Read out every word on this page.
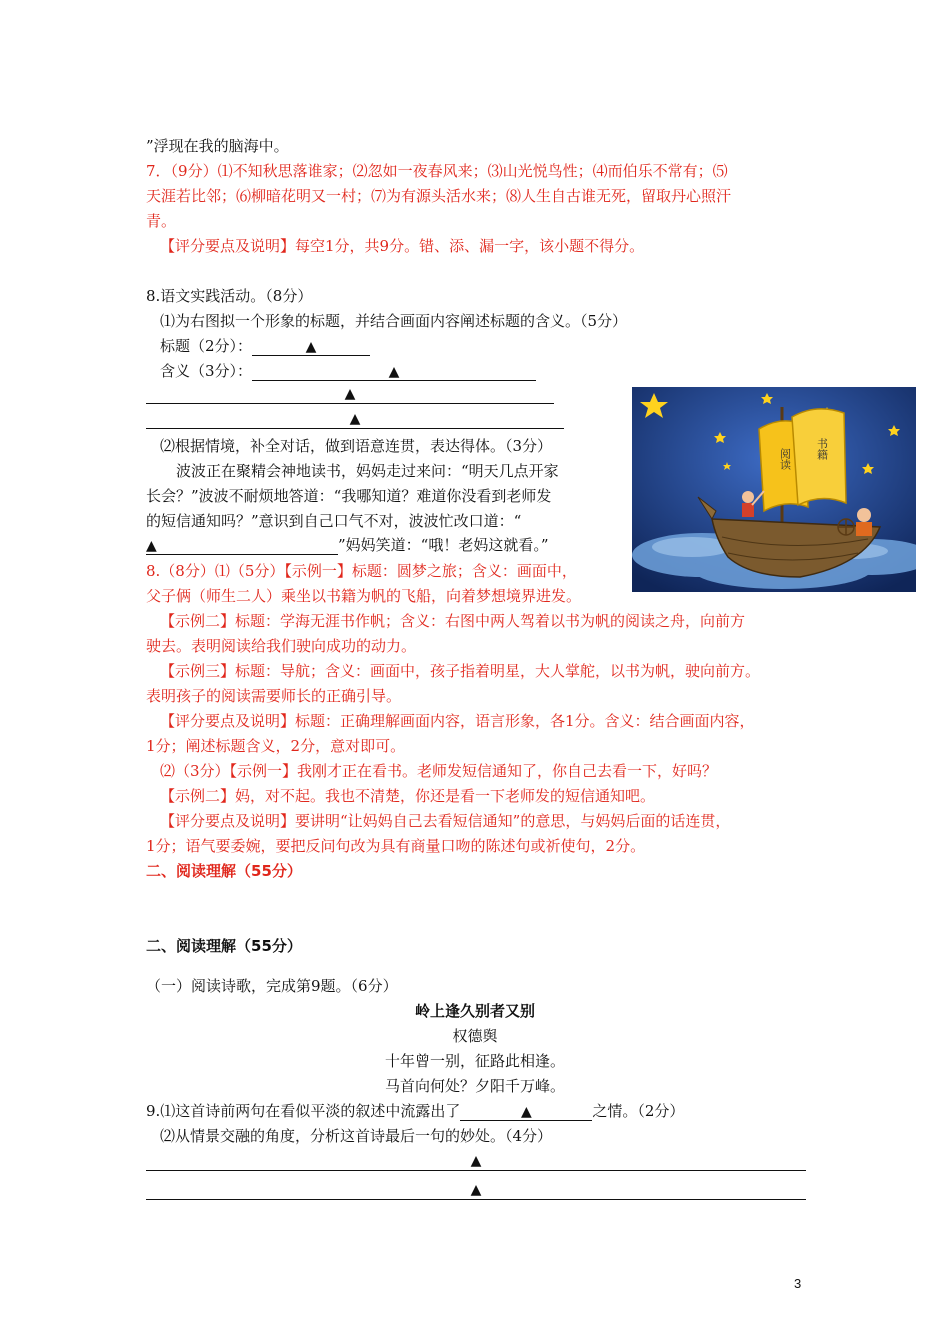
”浮现在我的脑海中。
7．（9分）⑴不知秋思落谁家；⑵忽如一夜春风来；⑶山光悦鸟性；⑷而伯乐不常有；⑸
天涯若比邻；⑹柳暗花明又一村；⑺为有源头活水来；⑻人生自古谁无死，留取丹心照汗
青。
【评分要点及说明】每空1分，共9分。错、添、漏一字，该小题不得分。
8.语文实践活动。（8分）
⑴为右图拟一个形象的标题，并结合画面内容阐述标题的含义。（5分）
标题（2分）：	▲
含义（3分）：	▲
▲
▲
⑵根据情境，补全对话，做到语意连贯，表达得体。（3分）
波波正在聚精会神地读书，妈妈走过来问：“明天几点开家
长会？”波波不耐烦地答道：“我哪知道？难道你没看到老师发
的短信通知吗？”意识到自己口气不对，波波忙改口道：“
▲	”妈妈笑道：“哦！老妈这就看。”
8.（8分）⑴（5分）【示例一】标题：圆梦之旅；含义：画面中，
父子俩（师生二人）乘坐以书籍为帆的飞船，向着梦想境界进发。
【示例二】标题：学海无涯书作帆；含义：右图中两人驾着以书为帆的阅读之舟，向前方
驶去。表明阅读给我们驶向成功的动力。
【示例三】标题：导航；含义：画面中，孩子指着明星，大人掌舵，以书为帆，驶向前方。
表明孩子的阅读需要师长的正确引导。
【评分要点及说明】标题：正确理解画面内容，语言形象，各1分。含义：结合画面内容，
1分；阐述标题含义，2分，意对即可。
⑵（3分）【示例一】我刚才正在看书。老师发短信通知了，你自己去看一下，好吗？
【示例二】妈，对不起。我也不清楚，你还是看一下老师发的短信通知吧。
【评分要点及说明】要讲明“让妈妈自己去看短信通知”的意思，与妈妈后面的话连贯，
1分；语气要委婉，要把反问句改为具有商量口吻的陈述句或祈使句，2分。
二、阅读理解（55分）
二、阅读理解（55分）
（一）阅读诗歌，完成第9题。（6分）
岭上逢久别者又别
权德舆
十年曾一别，征路此相逢。
马首向何处？夕阳千万峰。
9.⑴这首诗前两句在看似平淡的叙述中流露出了	▲	之情。（2分）
⑵从情景交融的角度，分析这首诗最后一句的妙处。（4分）
▲
▲
阅读 书籍
3
